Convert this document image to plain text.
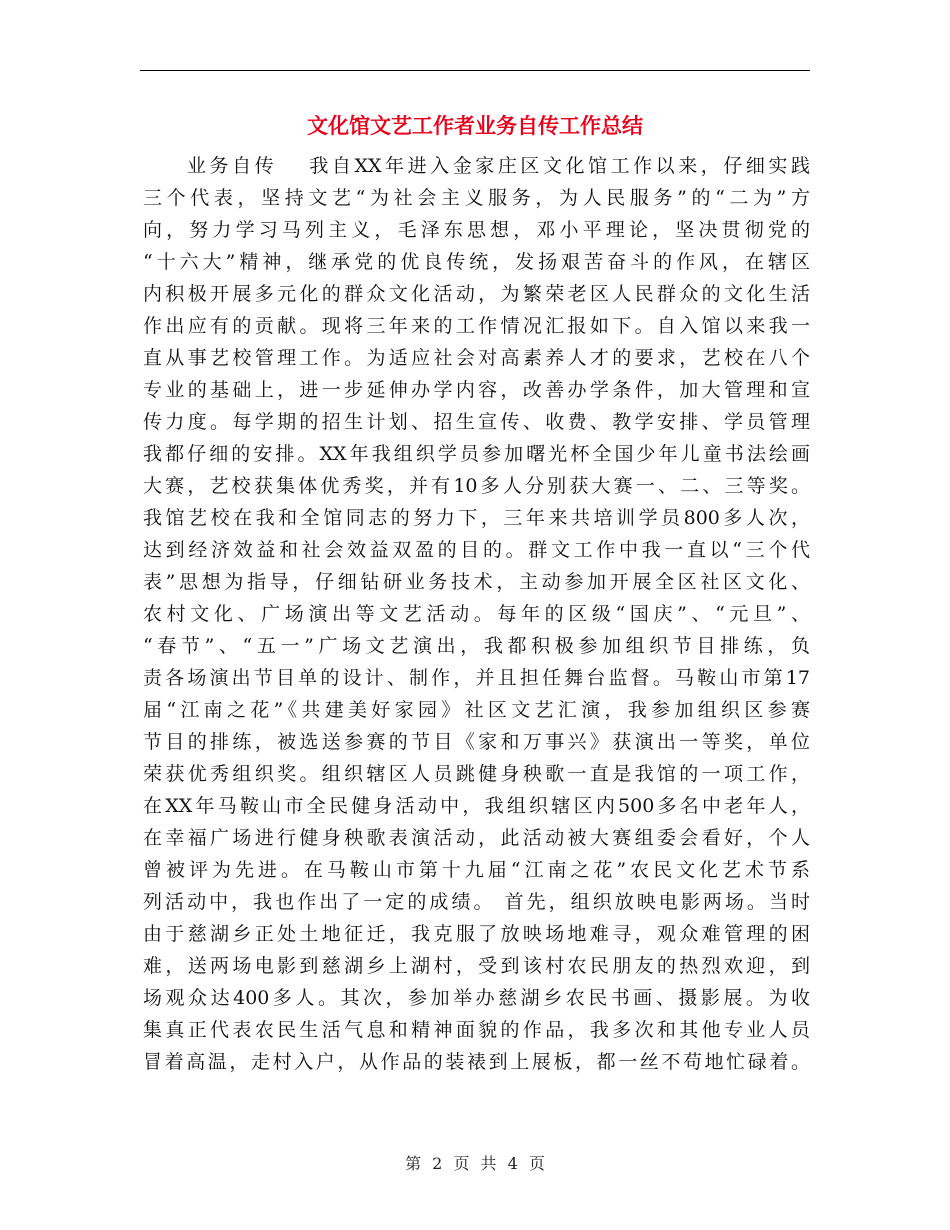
文化馆文艺工作者业务自传工作总结
业务自传　 我自XX年进入金家庄区文化馆工作以来，仔细实践
三个代表，坚持文艺“为社会主义服务，为人民服务”的“二为”方
向，努力学习马列主义，毛泽东思想，邓小平理论，坚决贯彻党的
“十六大”精神，继承党的优良传统，发扬艰苦奋斗的作风，在辖区
内积极开展多元化的群众文化活动，为繁荣老区人民群众的文化生活
作出应有的贡献。现将三年来的工作情况汇报如下。自入馆以来我一
直从事艺校管理工作。为适应社会对高素养人才的要求，艺校在八个
专业的基础上，进一步延伸办学内容，改善办学条件，加大管理和宣
传力度。每学期的招生计划、招生宣传、收费、教学安排、学员管理
我都仔细的安排。XX年我组织学员参加曙光杯全国少年儿童书法绘画
大赛，艺校获集体优秀奖，并有10多人分别获大赛一、二、三等奖。
我馆艺校在我和全馆同志的努力下，三年来共培训学员800多人次，
达到经济效益和社会效益双盈的目的。群文工作中我一直以“三个代
表”思想为指导，仔细钻研业务技术，主动参加开展全区社区文化、
农村文化、广场演出等文艺活动。每年的区级“国庆”、“元旦”、
“春节”、“五一”广场文艺演出，我都积极参加组织节目排练，负
责各场演出节目单的设计、制作，并且担任舞台监督。马鞍山市第17
届“江南之花”《共建美好家园》社区文艺汇演，我参加组织区参赛
节目的排练，被选送参赛的节目《家和万事兴》获演出一等奖，单位
荣获优秀组织奖。组织辖区人员跳健身秧歌一直是我馆的一项工作，
在XX年马鞍山市全民健身活动中，我组织辖区内500多名中老年人，
在幸福广场进行健身秧歌表演活动，此活动被大赛组委会看好，个人
曾被评为先进。在马鞍山市第十九届“江南之花”农民文化艺术节系
列活动中，我也作出了一定的成绩。 首先，组织放映电影两场。当时
由于慈湖乡正处土地征迁，我克服了放映场地难寻，观众难管理的困
难，送两场电影到慈湖乡上湖村，受到该村农民朋友的热烈欢迎，到
场观众达400多人。其次，参加举办慈湖乡农民书画、摄影展。为收
集真正代表农民生活气息和精神面貌的作品，我多次和其他专业人员
冒着高温，走村入户，从作品的装裱到上展板，都一丝不苟地忙碌着。
第 2 页 共 4 页
